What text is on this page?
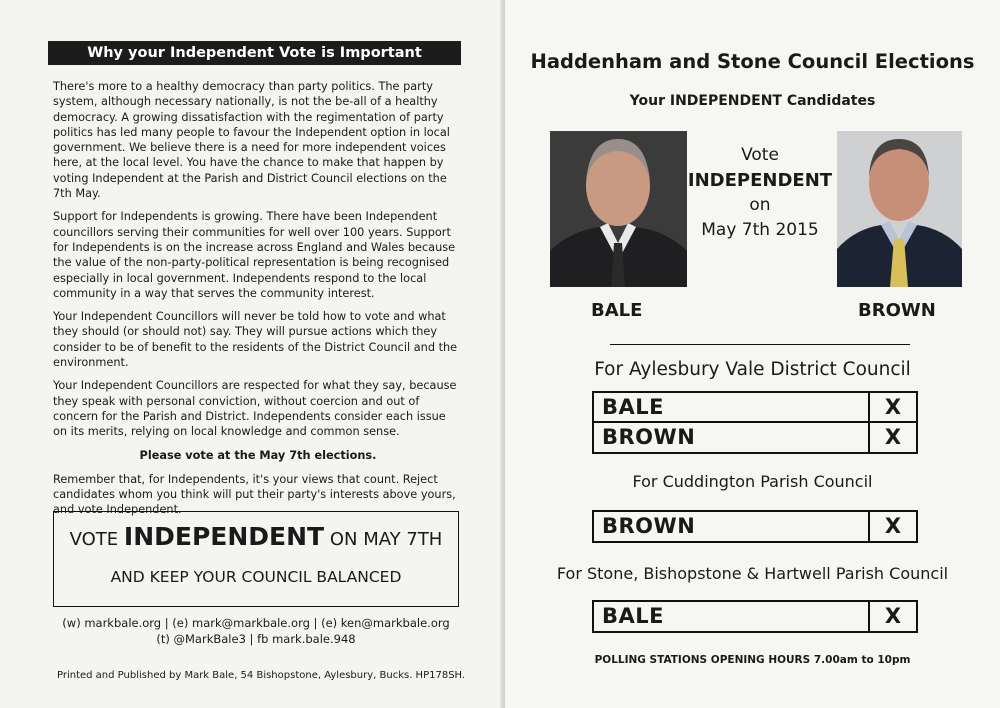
Why your Independent Vote is Important

There's more to a healthy democracy than party politics. The party system, although necessary nationally, is not the be-all of a healthy democracy. A growing dissatisfaction with the regimentation of party politics has led many people to favour the Independent option in local government. We believe there is a need for more independent voices here, at the local level. You have the chance to make that happen by voting Independent at the Parish and District Council elections on the 7th May.

Support for Independents is growing. There have been Independent councillors serving their communities for well over 100 years. Support for Independents is on the increase across England and Wales because the value of the non-party-political representation is being recognised especially in local government. Independents respond to the local community in a way that serves the community interest.

Your Independent Councillors will never be told how to vote and what they should (or should not) say. They will pursue actions which they consider to be of benefit to the residents of the District Council and the environment.

Your Independent Councillors are respected for what they say, because they speak with personal conviction, without coercion and out of concern for the Parish and District. Independents consider each issue on its merits, relying on local knowledge and common sense.

Please vote at the May 7th elections.

Remember that, for Independents, it's your views that count. Reject candidates whom you think will put their party's interests above yours, and vote Independent.

VOTE INDEPENDENT ON MAY 7TH
AND KEEP YOUR COUNCIL BALANCED
(w) markbale.org | (e) mark@markbale.org | (e) ken@markbale.org
(t) @MarkBale3 | fb mark.bale.948
Printed and Published by Mark Bale, 54 Bishopstone, Aylesbury, Bucks. HP178SH.
Haddenham and Stone Council Elections
Your INDEPENDENT Candidates
Vote
INDEPENDENT
on
May 7th 2015
BALE	BROWN
For Aylesbury Vale District Council
BALE	X
BROWN	X
For Cuddington Parish Council
BROWN	X
For Stone, Bishopstone & Hartwell Parish Council
BALE	X
POLLING STATIONS OPENING HOURS 7.00am to 10pm
